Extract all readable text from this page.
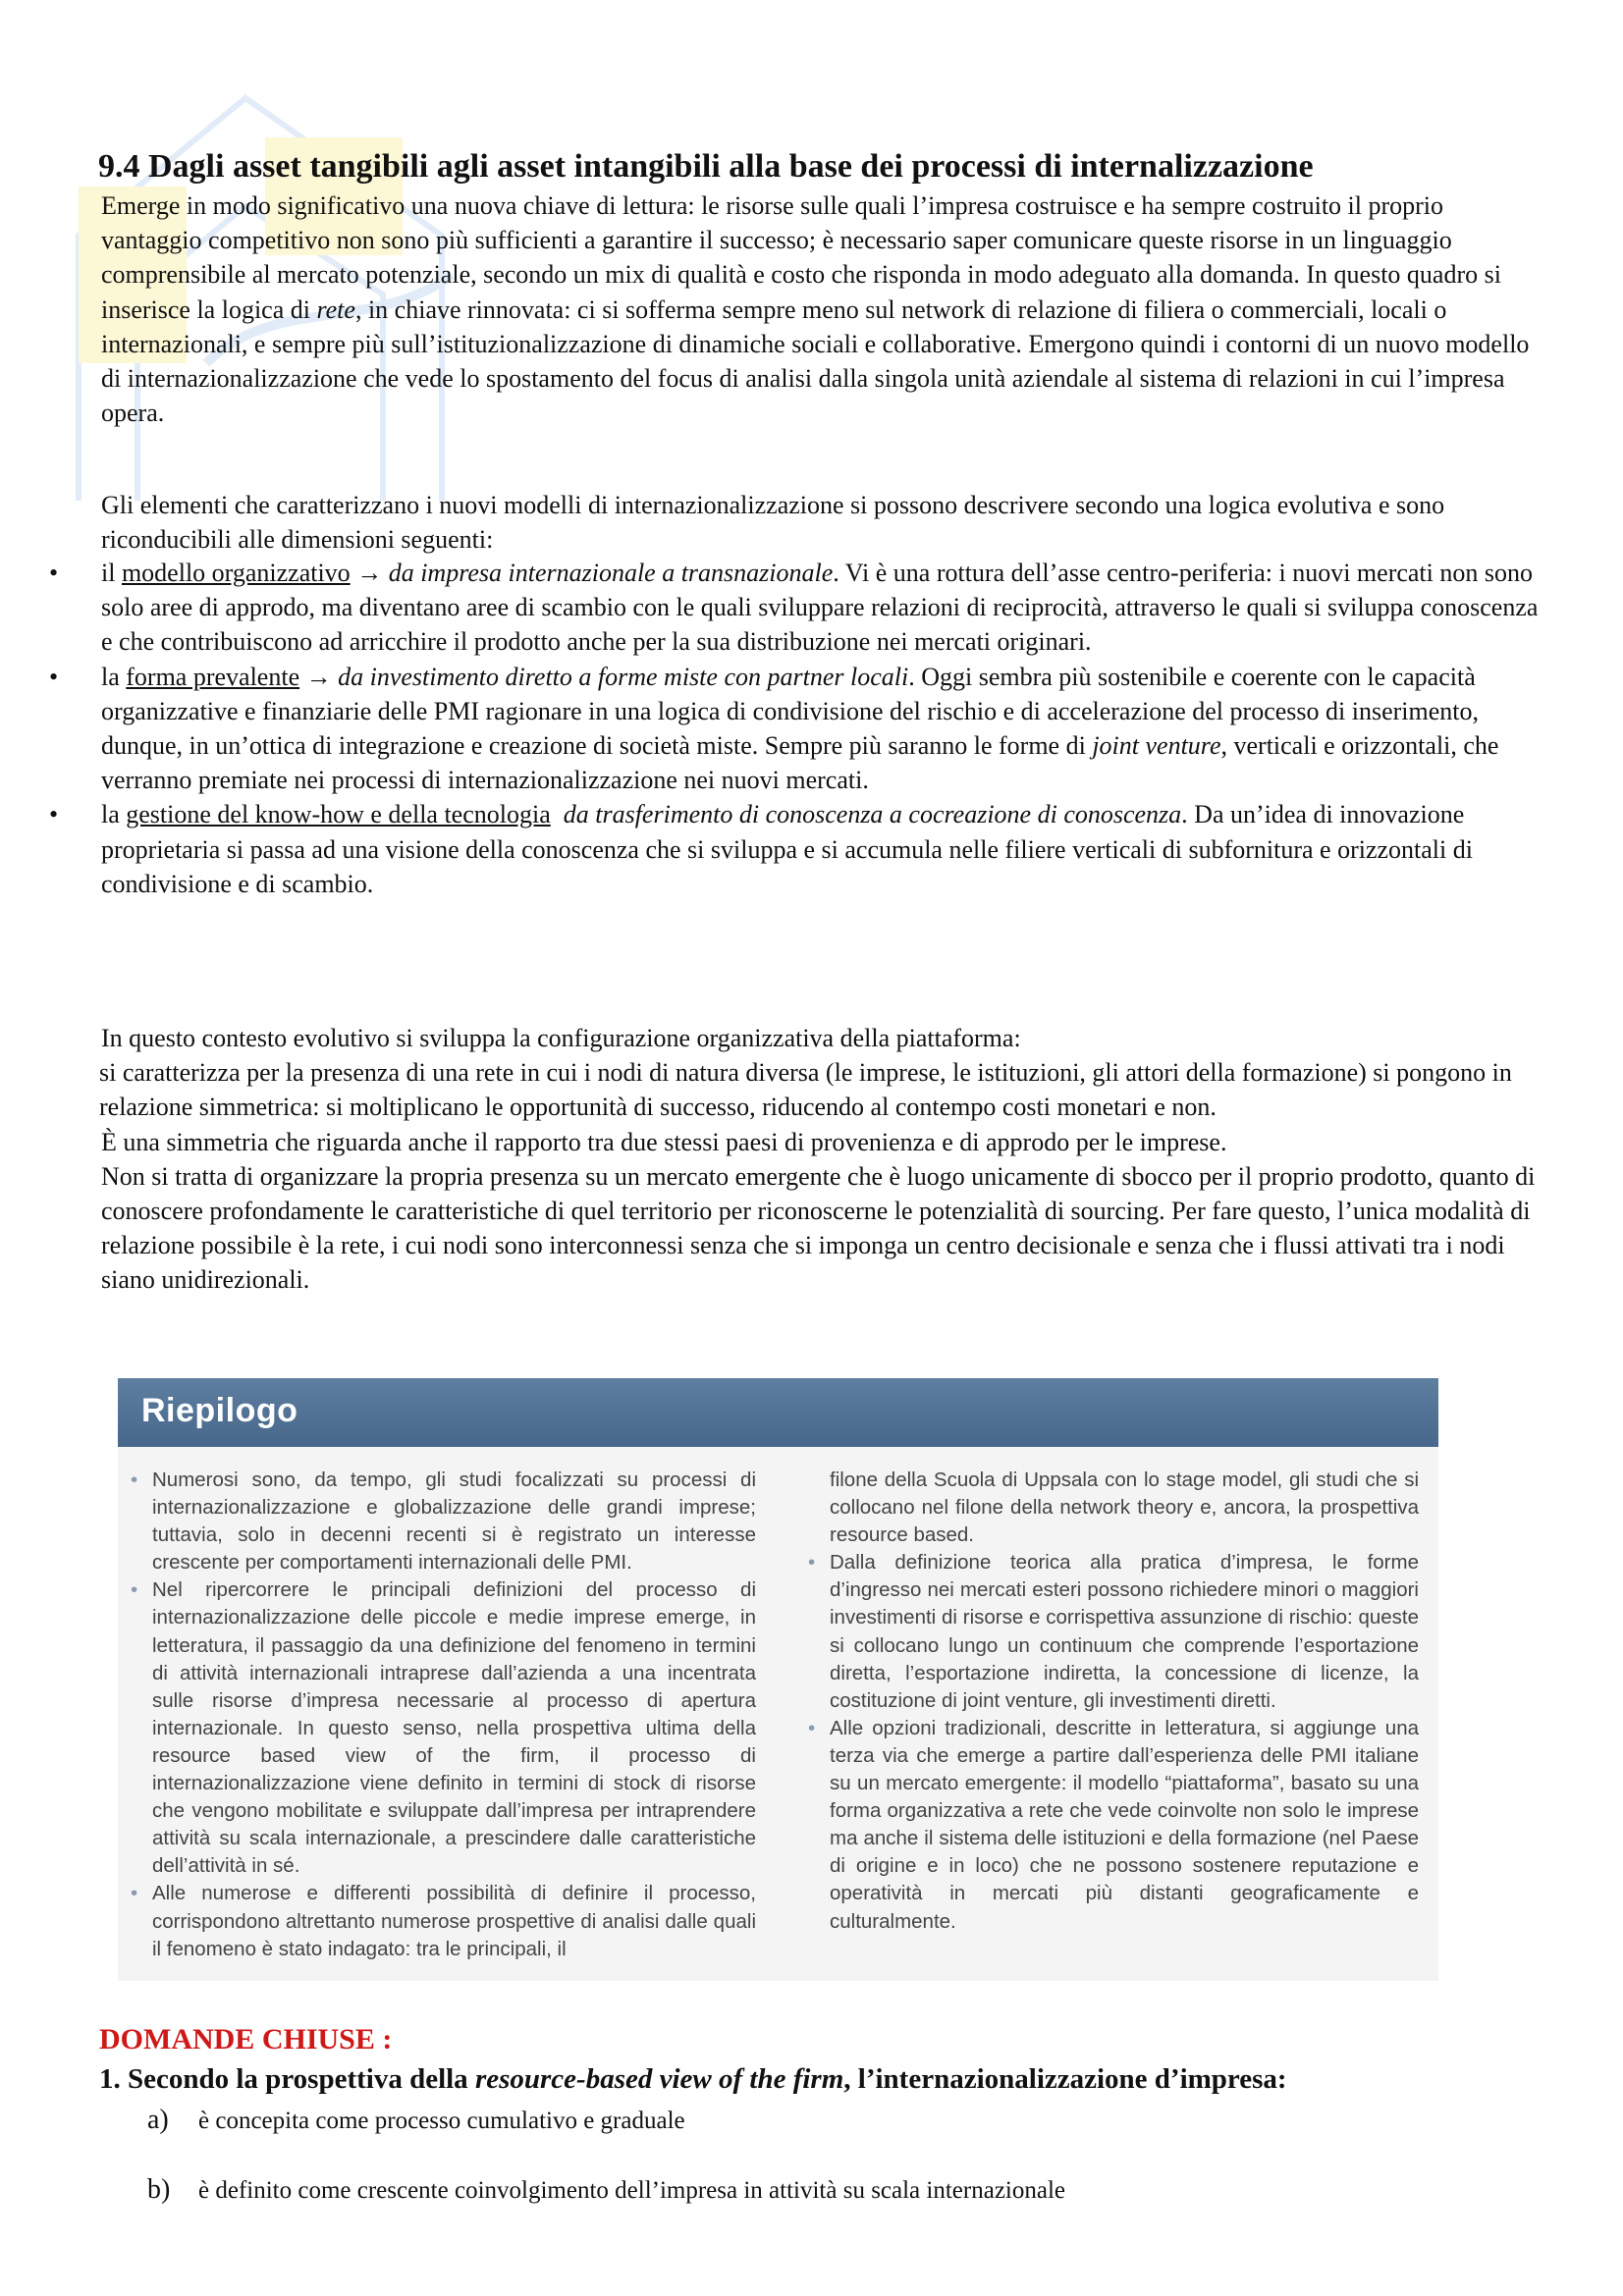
9.4 Dagli asset tangibili agli asset intangibili alla base dei processi di internalizzazione

Emerge in modo significativo una nuova chiave di lettura: le risorse sulle quali l’impresa costruisce e ha sempre costruito il proprio vantaggio competitivo non sono più sufficienti a garantire il successo; è necessario saper comunicare queste risorse in un linguaggio comprensibile al mercato potenziale, secondo un mix di qualità e costo che risponda in modo adeguato alla domanda. In questo quadro si inserisce la logica di rete, in chiave rinnovata: ci si sofferma sempre meno sul network di relazione di filiera o commerciali, locali o internazionali, e sempre più sull’istituzionalizzazione di dinamiche sociali e collaborative. Emergono quindi i contorni di un nuovo modello di internazionalizzazione che vede lo spostamento del focus di analisi dalla singola unità aziendale al sistema di relazioni in cui l’impresa opera.

Gli elementi che caratterizzano i nuovi modelli di internazionalizzazione si possono descrivere secondo una logica evolutiva e sono riconducibili alle dimensioni seguenti:

• il modello organizzativo → da impresa internazionale a transnazionale. Vi è una rottura dell’asse centro-periferia: i nuovi mercati non sono solo aree di approdo, ma diventano aree di scambio con le quali sviluppare relazioni di reciprocità, attraverso le quali si sviluppa conoscenza e che contribuiscono ad arricchire il prodotto anche per la sua distribuzione nei mercati originari.
• la forma prevalente → da investimento diretto a forme miste con partner locali. Oggi sembra più sostenibile e coerente con le capacità organizzative e finanziarie delle PMI ragionare in una logica di condivisione del rischio e di accelerazione del processo di inserimento, dunque, in un’ottica di integrazione e creazione di società miste. Sempre più saranno le forme di joint venture, verticali e orizzontali, che verranno premiate nei processi di internazionalizzazione nei nuovi mercati.
• la gestione del know-how e della tecnologia da trasferimento di conoscenza a cocreazione di conoscenza. Da un’idea di innovazione proprietaria si passa ad una visione della conoscenza che si sviluppa e si accumula nelle filiere verticali di subfornitura e orizzontali di condivisione e di scambio.
In questo contesto evolutivo si sviluppa la configurazione organizzativa della piattaforma:
si caratterizza per la presenza di una rete in cui i nodi di natura diversa (le imprese, le istituzioni, gli attori della formazione) si pongono in relazione simmetrica: si moltiplicano le opportunità di successo, riducendo al contempo costi monetari e non.
È una simmetria che riguarda anche il rapporto tra due stessi paesi di provenienza e di approdo per le imprese.
Non si tratta di organizzare la propria presenza su un mercato emergente che è luogo unicamente di sbocco per il proprio prodotto, quanto di conoscere profondamente le caratteristiche di quel territorio per riconoscerne le potenzialità di sourcing. Per fare questo, l’unica modalità di relazione possibile è la rete, i cui nodi sono interconnessi senza che si imponga un centro decisionale e senza che i flussi attivati tra i nodi siano unidirezionali.
Riepilogo
• Numerosi sono, da tempo, gli studi focalizzati su processi di internazionalizzazione e globalizzazione delle grandi imprese; tuttavia, solo in decenni recenti si è registrato un interesse crescente per comportamenti internazionali delle PMI.
• Nel ripercorrere le principali definizioni del processo di internazionalizzazione delle piccole e medie imprese emerge, in letteratura, il passaggio da una definizione del fenomeno in termini di attività internazionali intraprese dall’azienda a una incentrata sulle risorse d’impresa necessarie al processo di apertura internazionale. In questo senso, nella prospettiva ultima della resource based view of the firm, il processo di internazionalizzazione viene definito in termini di stock di risorse che vengono mobilitate e sviluppate dall’impresa per intraprendere attività su scala internazionale, a prescindere dalle caratteristiche dell’attività in sé.
• Alle numerose e differenti possibilità di definire il processo, corrispondono altrettanto numerose prospettive di analisi dalle quali il fenomeno è stato indagato: tra le principali, il
filone della Scuola di Uppsala con lo stage model, gli studi che si collocano nel filone della network theory e, ancora, la prospettiva resource based.
• Dalla definizione teorica alla pratica d’impresa, le forme d’ingresso nei mercati esteri possono richiedere minori o maggiori investimenti di risorse e corrispettiva assunzione di rischio: queste si collocano lungo un continuum che comprende l’esportazione diretta, l’esportazione indiretta, la concessione di licenze, la costituzione di joint venture, gli investimenti diretti.
• Alle opzioni tradizionali, descritte in letteratura, si aggiunge una terza via che emerge a partire dall’esperienza delle PMI italiane su un mercato emergente: il modello “piattaforma”, basato su una forma organizzativa a rete che vede coinvolte non solo le imprese ma anche il sistema delle istituzioni e della formazione (nel Paese di origine e in loco) che ne possono sostenere reputazione e operatività in mercati più distanti geograficamente e culturalmente.
DOMANDE CHIUSE :

1. Secondo la prospettiva della resource-based view of the firm, l’internazionalizzazione d’impresa:

a) è concepita come processo cumulativo e graduale
b) è definito come crescente coinvolgimento dell’impresa in attività su scala internazionale
